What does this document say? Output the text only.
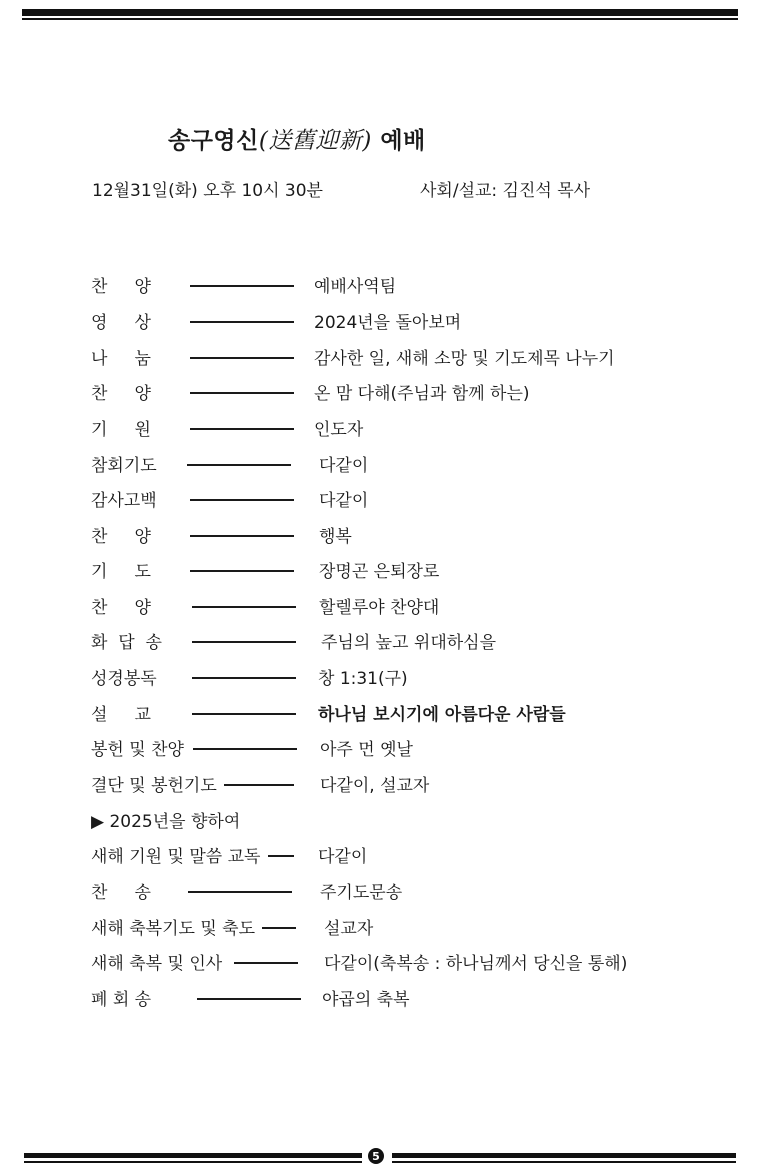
송구영신(送舊迎新) 예배
12월31일(화) 오후 10시 30분	사회/설교: 김진석 목사
찬     양	예배사역팀
영     상	2024년을 돌아보며
나     눔	감사한 일, 새해 소망 및 기도제목 나누기
찬     양	온 맘 다해(주님과 함께 하는)
기     원	인도자
참회기도	다같이
감사고백	다같이
찬     양	행복
기     도	장명곤 은퇴장로
찬     양	할렐루야 찬양대
화  답  송	주님의 높고 위대하심을
성경봉독	창 1:31(구)
설     교	하나님 보시기에 아름다운 사람들
봉헌 및 찬양	아주 먼 옛날
결단 및 봉헌기도	다같이, 설교자
▶ 2025년을 향하여
새해 기원 및 말씀 교독	다같이
찬     송	주기도문송
새해 축복기도 및 축도	설교자
새해 축복 및 인사	다같이(축복송 : 하나님께서 당신을 통해)
폐 회 송	야곱의 축복
5
